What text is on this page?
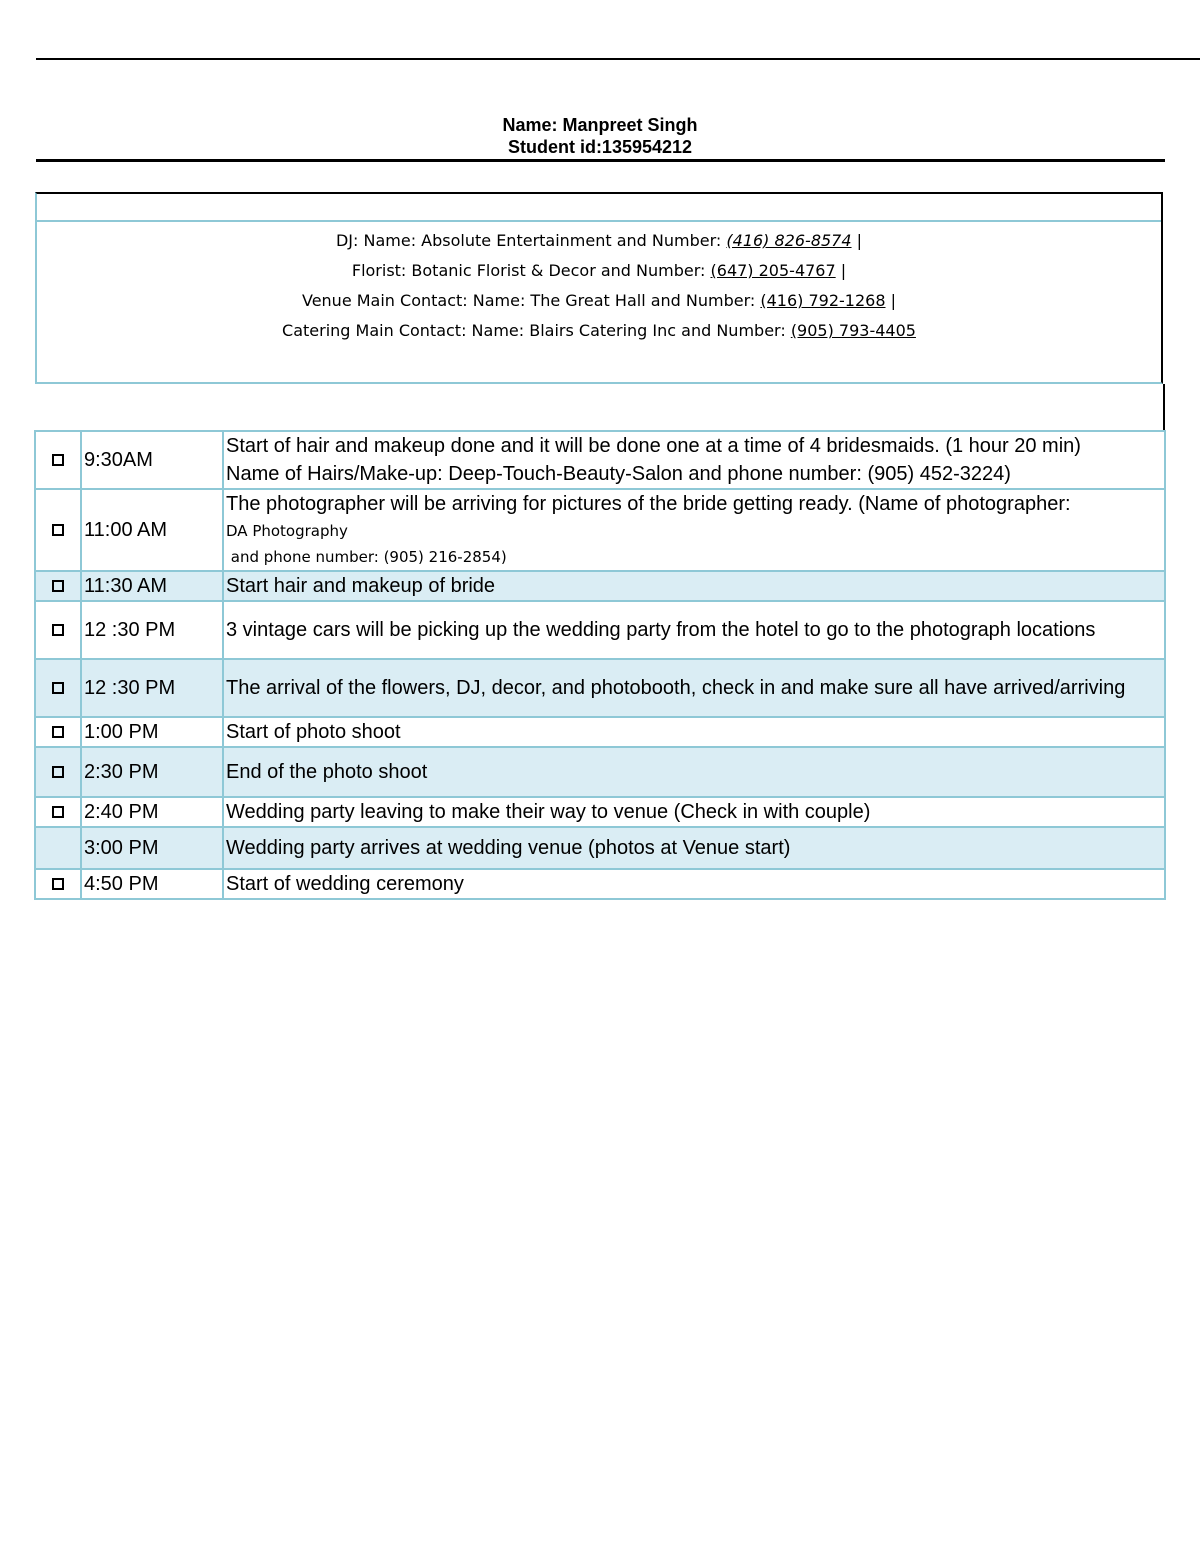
Name: Manpreet Singh
Student id:135954212
DJ: Name: Absolute Entertainment and Number: (416) 826-8574 |
Florist: Botanic Florist & Decor and Number: (647) 205-4767 |
Venue Main Contact: Name: The Great Hall and Number: (416) 792-1268 |
Catering Main Contact: Name: Blairs Catering Inc and Number: (905) 793-4405
	9:30AM	Start of hair and makeup done and it will be done one at a time of 4 bridesmaids. (1 hour 20 min)
Name of Hairs/Make-up: Deep-Touch-Beauty-Salon and phone number: (905) 452-3224)

	11:00 AM	The photographer will be arriving for pictures of the bride getting ready. (Name of photographer:
DA Photography
and phone number: (905) 216-2854)

	11:30 AM	Start hair and makeup of bride
	12 :30 PM	3 vintage cars will be picking up the wedding party from the hotel to go to the photograph locations
	12 :30 PM	The arrival of the flowers, DJ, decor, and photobooth, check in and make sure all have arrived/arriving
	1:00 PM	Start of photo shoot
	2:30 PM	End of the photo shoot
	2:40 PM	Wedding party leaving to make their way to venue (Check in with couple)
	3:00 PM	Wedding party arrives at wedding venue (photos at Venue start)
	4:50 PM	Start of wedding ceremony
